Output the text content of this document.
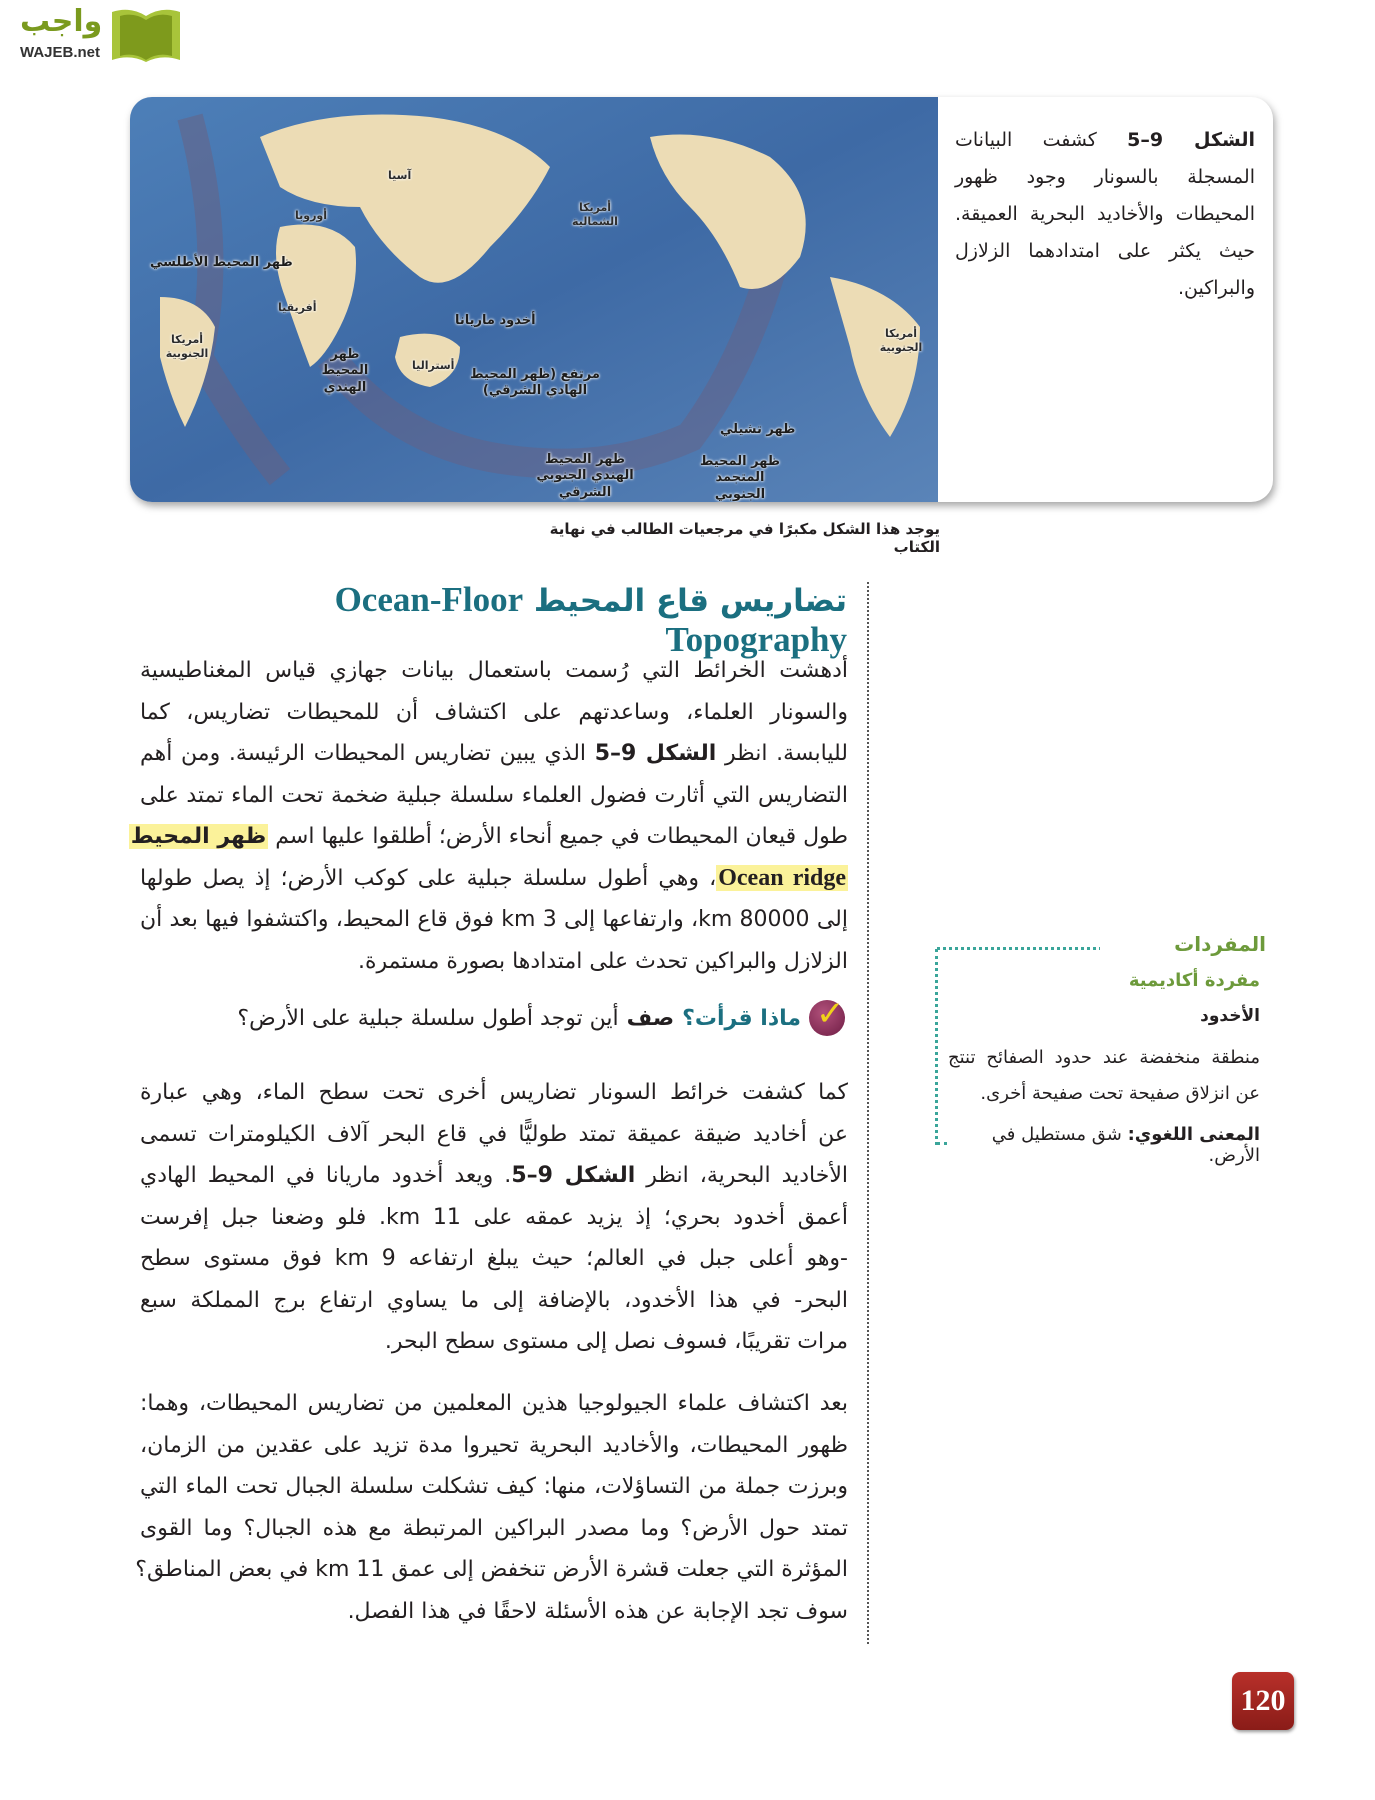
واجب
WAJEB.net
ظهر المحيط الأطلسي
أوروبا
آسيا
أفريقيا
أمريكا الجنوبية	ظهر المحيط الهندي
أستراليا
أخدود ماريانا
مرتفع (ظهر المحيط الهادي الشرقي)
أمريكا الشمالية
أمريكا الجنوبية
ظهر تشيلي
ظهر المحيط المتجمد الجنوبي
ظهر المحيط الهندي الجنوبي الشرقي
الشكل 9–5 كشفت البيانات المسجلة بالسونار وجود ظهور المحيطات والأخاديد البحرية العميقة. حيث يكثر على امتدادهما الزلازل والبراكين.
يوجد هذا الشكل مكبرًا في مرجعيات الطالب في نهاية الكتاب
تضاريس قاع المحيط Ocean-Floor Topography
أدهشت الخرائط التي رُسمت باستعمال بيانات جهازي قياس المغناطيسية
والسونار العلماء، وساعدتهم على اكتشاف أن للمحيطات تضاريس، كما
لليابسة. انظر الشكل 9–5 الذي يبين تضاريس المحيطات الرئيسة. ومن أهم
التضاريس التي أثارت فضول العلماء سلسلة جبلية ضخمة تحت الماء تمتد على
طول قيعان المحيطات في جميع أنحاء الأرض؛ أطلقوا عليها اسم ظهر المحيط
Ocean ridge، وهي أطول سلسلة جبلية على كوكب الأرض؛ إذ يصل طولها
إلى 80000 km، وارتفاعها إلى 3 km فوق قاع المحيط، واكتشفوا فيها بعد أن
الزلازل والبراكين تحدث على امتدادها بصورة مستمرة.
✓
ماذا قرأت؟
صف
أين توجد أطول سلسلة جبلية على الأرض؟
كما كشفت خرائط السونار تضاريس أخرى تحت سطح الماء، وهي عبارة
عن أخاديد ضيقة عميقة تمتد طوليًّا في قاع البحر آلاف الكيلومترات تسمى
الأخاديد البحرية، انظر الشكل 9–5. ويعد أخدود ماريانا في المحيط الهادي
أعمق أخدود بحري؛ إذ يزيد عمقه على 11 km. فلو وضعنا جبل إفرست
-وهو أعلى جبل في العالم؛ حيث يبلغ ارتفاعه 9 km فوق مستوى سطح
البحر- في هذا الأخدود، بالإضافة إلى ما يساوي ارتفاع برج المملكة سبع
مرات تقريبًا، فسوف نصل إلى مستوى سطح البحر.
بعد اكتشاف علماء الجيولوجيا هذين المعلمين من تضاريس المحيطات، وهما:
ظهور المحيطات، والأخاديد البحرية تحيروا مدة تزيد على عقدين من الزمان،
وبرزت جملة من التساؤلات، منها: كيف تشكلت سلسلة الجبال تحت الماء التي
تمتد حول الأرض؟ وما مصدر البراكين المرتبطة مع هذه الجبال؟ وما القوى
المؤثرة التي جعلت قشرة الأرض تنخفض إلى عمق 11 km في بعض المناطق؟
سوف تجد الإجابة عن هذه الأسئلة لاحقًا في هذا الفصل.
المفردات
مفردة أكاديمية
الأخدود
منطقة منخفضة عند حدود الصفائح تنتج عن انزلاق صفيحة تحت صفيحة أخرى.
المعنى اللغوي: شق مستطيل في الأرض.
120
